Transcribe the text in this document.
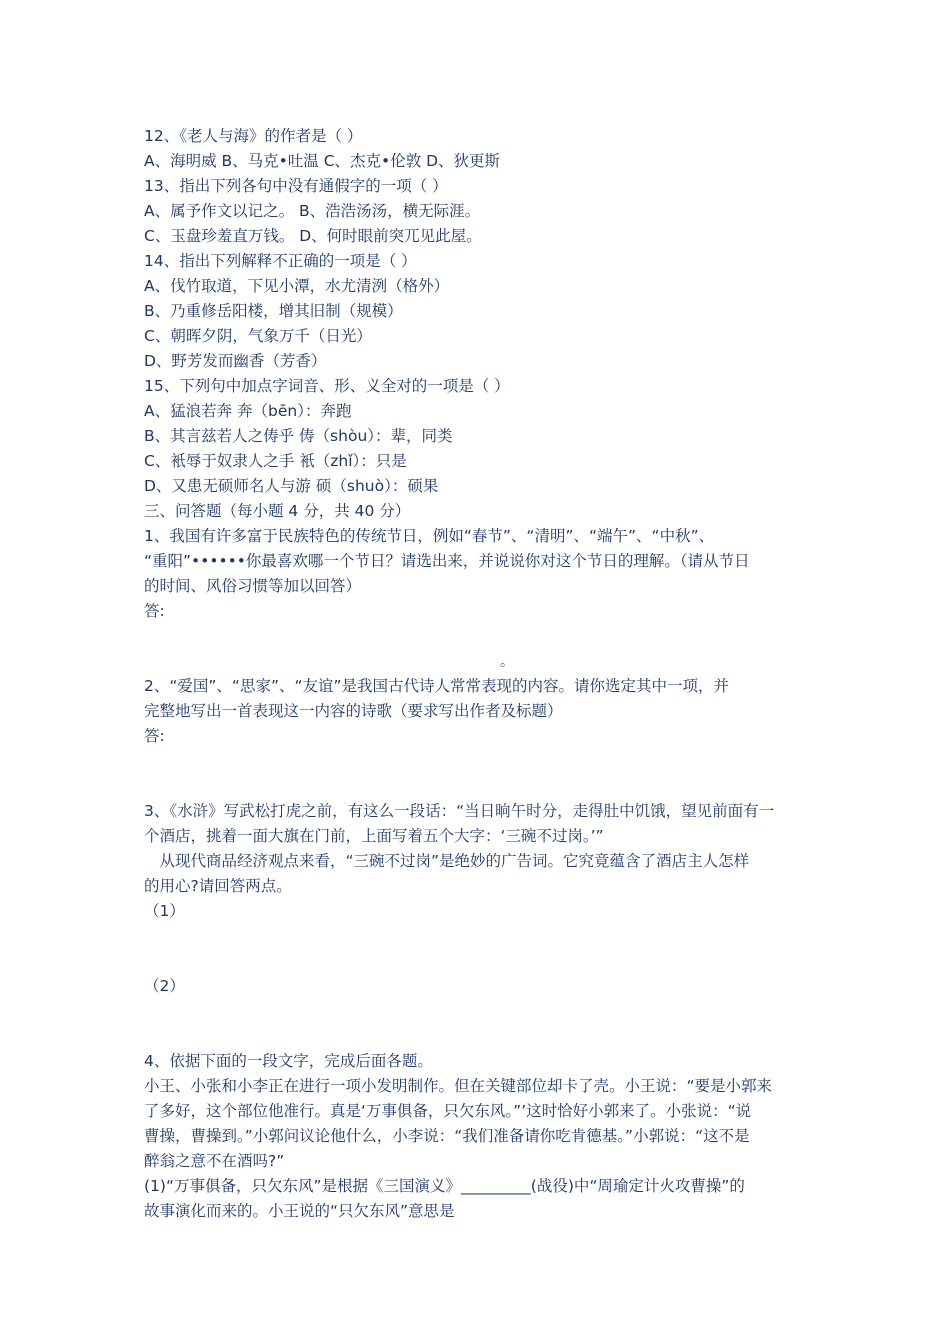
12、《老人与海》的作者是（ ）
A、海明威 B、马克•吐温 C、杰克•伦敦 D、狄更斯
13、指出下列各句中没有通假字的一项（ ）
A、属予作文以记之。 B、浩浩汤汤，横无际涯。
C、玉盘珍羞直万钱。 D、何时眼前突兀见此屋。
14、指出下列解释不正确的一项是（ ）
A、伐竹取道，下见小潭，水尤清洌（格外）
B、乃重修岳阳楼，增其旧制（规模）
C、朝晖夕阴，气象万千（日光）
D、野芳发而幽香（芳香）
15、下列句中加点字词音、形、义全对的一项是（ ）
A、猛浪若奔 奔（bēn）：奔跑
B、其言兹若人之俦乎 俦（shòu）：辈，同类
C、衹辱于奴隶人之手 衹（zhǐ）：只是
D、又患无硕师名人与游 硕（shuò）：硕果
三、问答题（每小题 4 分，共 40 分）
1、我国有许多富于民族特色的传统节日，例如“春节”、“清明”、“端午”、“中秋”、
“重阳”••••••你最喜欢哪一个节日？请选出来，并说说你对这个节日的理解。（请从节日
的时间、风俗习惯等加以回答）
答:
。
2、“爱国”、“思家”、“友谊”是我国古代诗人常常表现的内容。请你选定其中一项，并
完整地写出一首表现这一内容的诗歌（要求写出作者及标题）
答:
3、《水浒》写武松打虎之前，有这么一段话：“当日晌午时分，走得肚中饥饿，望见前面有一
个酒店，挑着一面大旗在门前，上面写着五个大字：‘三碗不过岗。’”
　从现代商品经济观点来看，“三碗不过岗”是绝妙的广告词。它究竟蕴含了酒店主人怎样
的用心?请回答两点。
（1）
（2）
4、依据下面的一段文字，完成后面各题。
小王、小张和小李正在进行一项小发明制作。但在关键部位却卡了壳。小王说：“要是小郭来
了多好，这个部位他准行。真是‘万事俱备，只欠东风。”’这时恰好小郭来了。小张说：“说
曹操，曹操到。”小郭问议论他什么，小李说：“我们准备请你吃肯德基。”小郭说：“这不是
醉翁之意不在酒吗?”
(1)“万事俱备，只欠东风”是根据《三国演义》_________(战役)中“周瑜定计火攻曹操”的
故事演化而来的。小王说的“只欠东风”意思是
